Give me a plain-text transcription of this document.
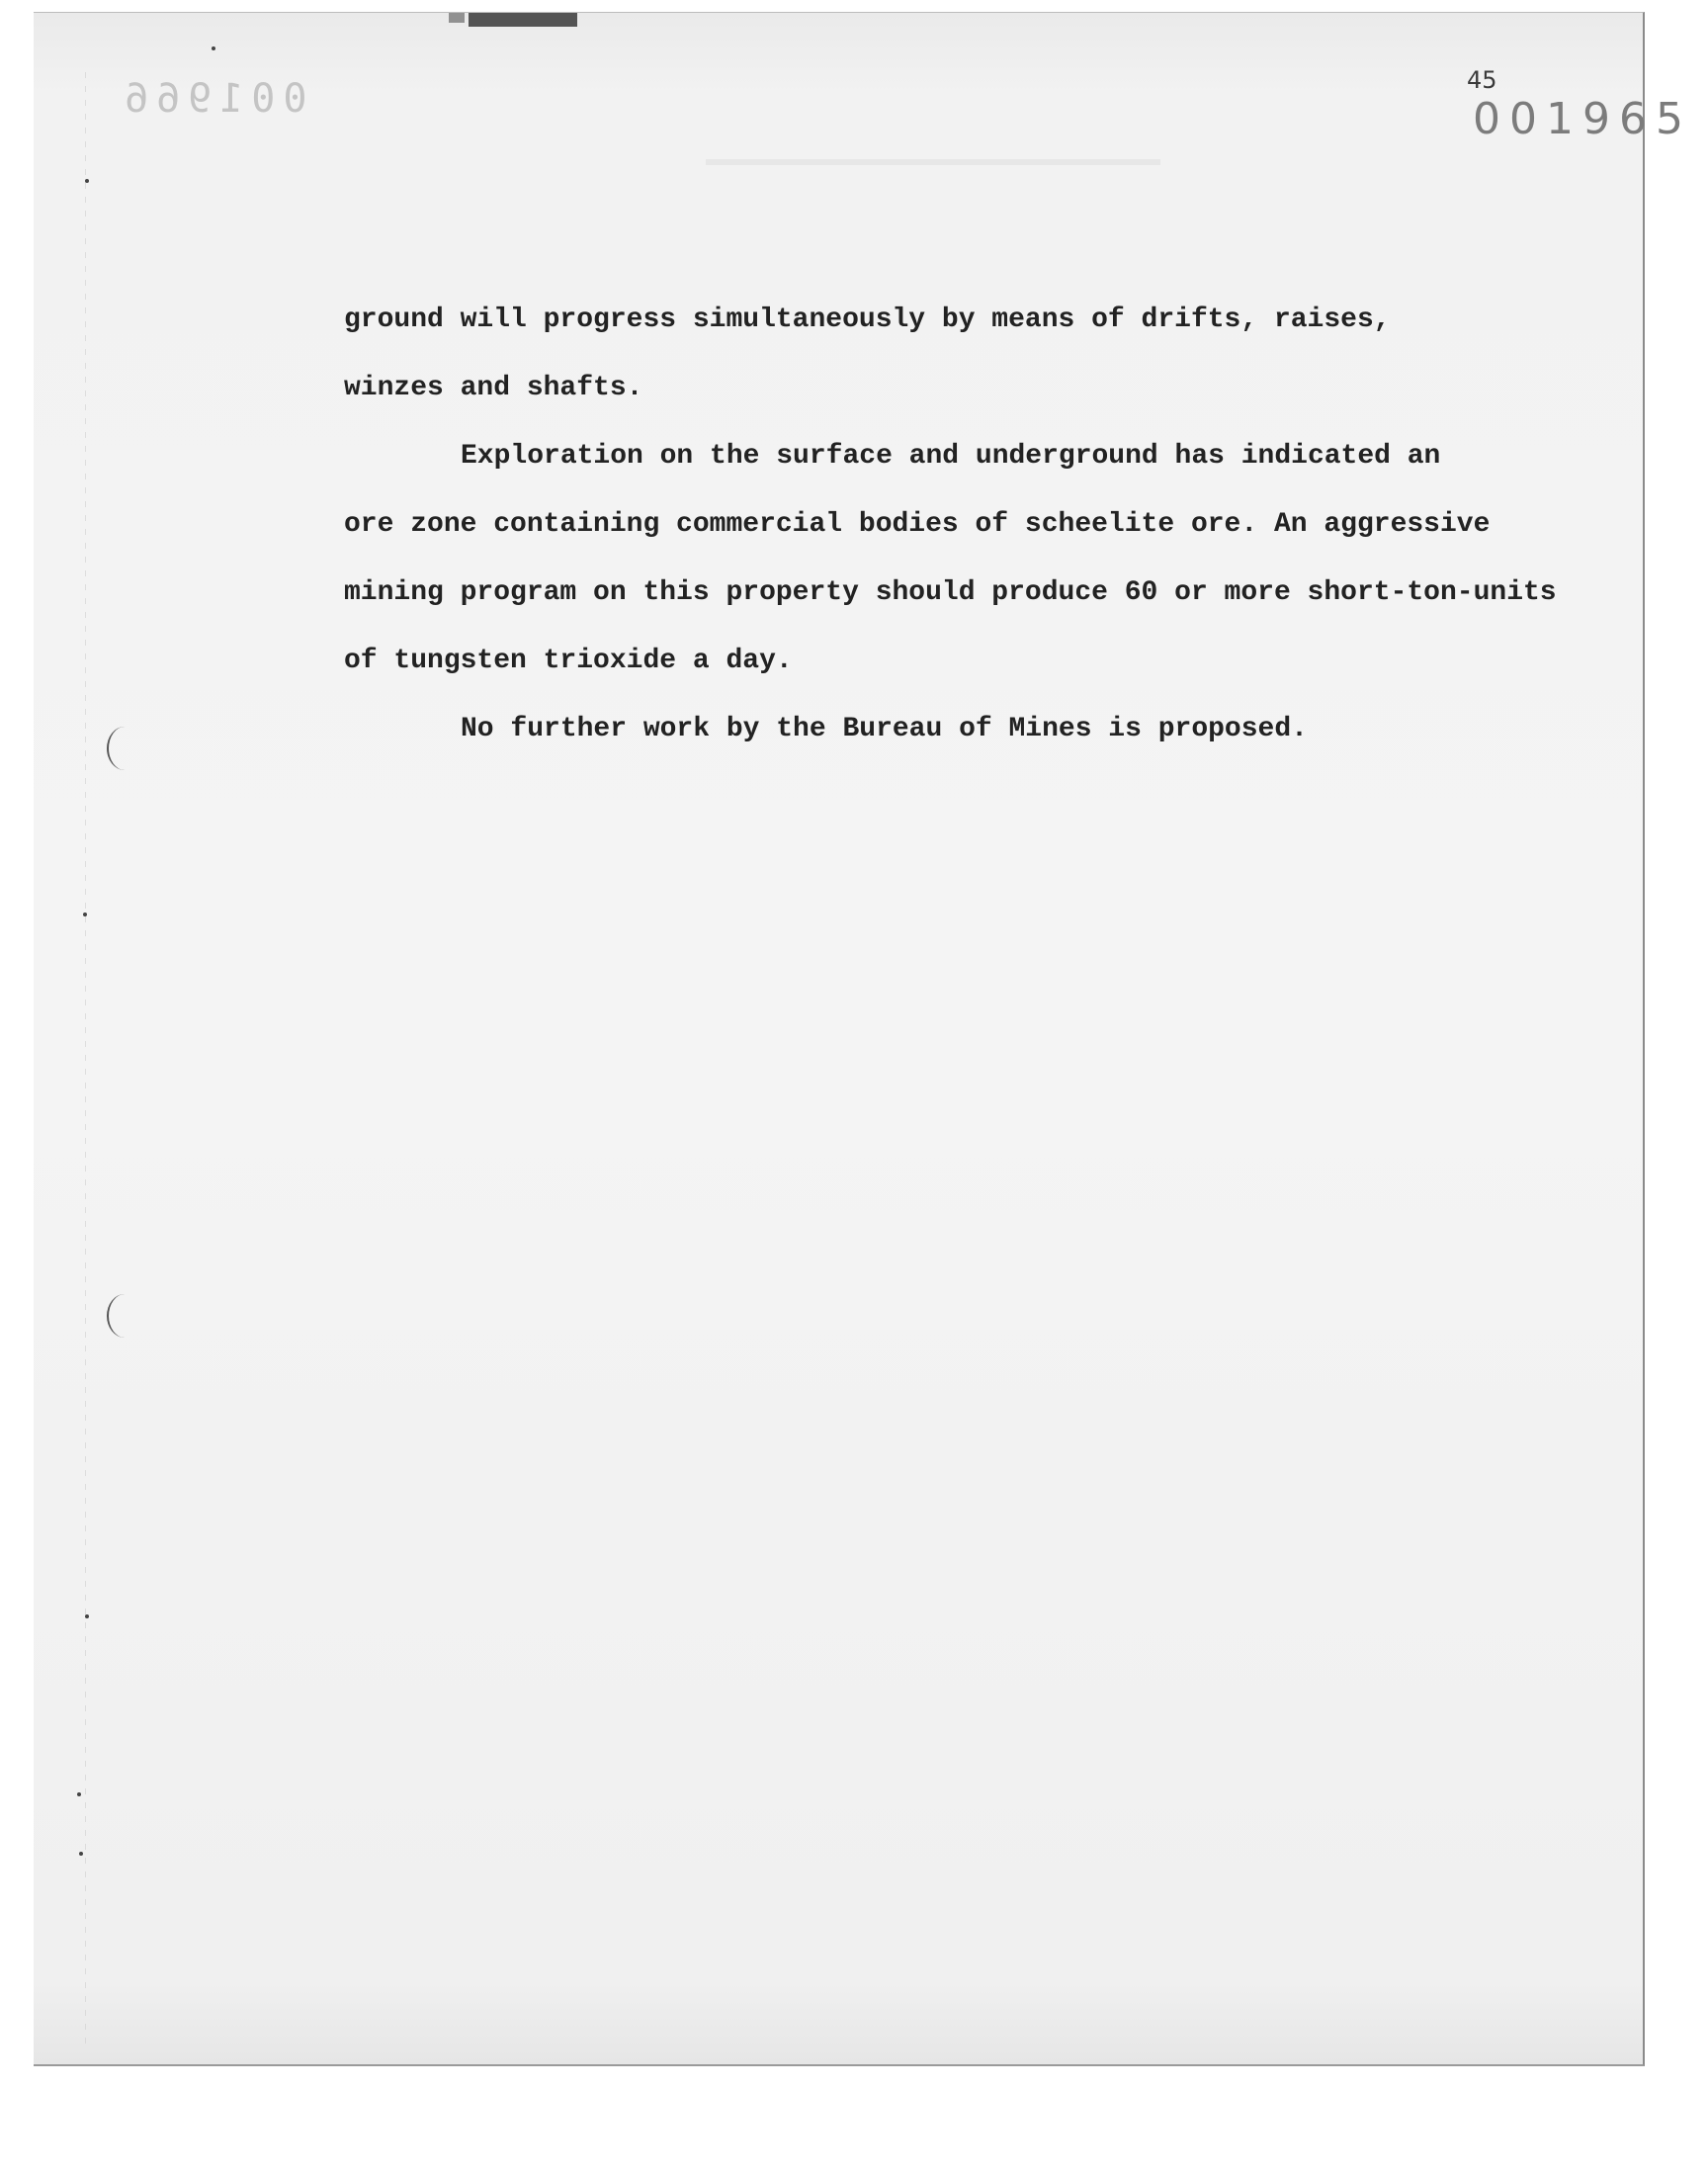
001966	45
001965
ground will progress simultaneously by means of drifts, raises,
winzes and shafts.
Exploration on the surface and underground has indicated an
ore zone containing commercial bodies of scheelite ore. An aggressive
mining program on this property should produce 60 or more short-ton-units
of tungsten trioxide a day.
No further work by the Bureau of Mines is proposed.
